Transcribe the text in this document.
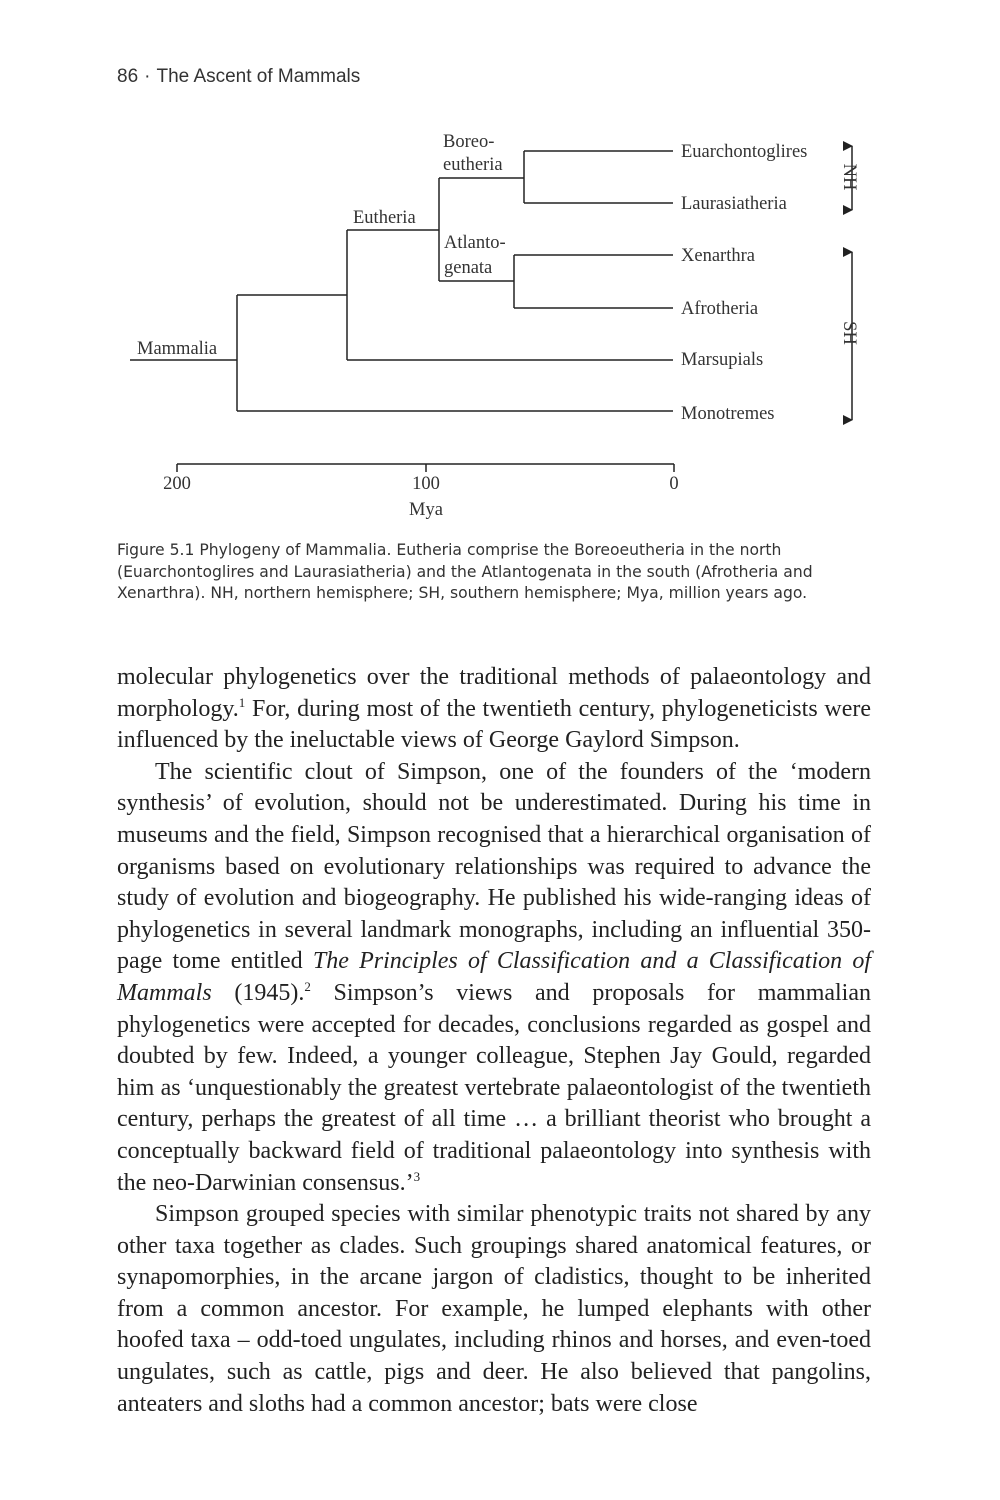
86 · The Ascent of Mammals
Mammalia
Eutheria
Boreo-
eutheria
Atlanto-
genata
Euarchontoglires
Laurasiatheria
Xenarthra
Afrotheria
Marsupials
Monotremes
NH
SH
200	100	0
Mya
Figure 5.1 Phylogeny of Mammalia. Eutheria comprise the Boreoeutheria in the north (Euarchontoglires and Laurasiatheria) and the Atlantogenata in the south (Afrotheria and Xenarthra). NH, northern hemisphere; SH, southern hemisphere; Mya, million years ago.

molecular phylogenetics over the traditional methods of palaeontology and morphology.$^1$ For, during most of the twentieth century, phylogeneticists were influenced by the ineluctable views of George Gaylord Simpson.

The scientific clout of Simpson, one of the founders of the ‘modern synthesis’ of evolution, should not be underestimated. During his time in museums and the field, Simpson recognised that a hierarchical organisation of organisms based on evolutionary relationships was required to advance the study of evolution and biogeography. He published his wide-ranging ideas of phylogenetics in several landmark monographs, including an influential 350-page tome entitled The Principles of Classification and a Classification of Mammals (1945).$^2$ Simpson’s views and proposals for mammalian phylogenetics were accepted for decades, conclusions regarded as gospel and doubted by few. Indeed, a younger colleague, Stephen Jay Gould, regarded him as ‘unquestionably the greatest vertebrate palaeontologist of the twentieth century, perhaps the greatest of all time … a brilliant theorist who brought a conceptually backward field of traditional palaeontology into synthesis with the neo-Darwinian consensus.’$^3$

Simpson grouped species with similar phenotypic traits not shared by any other taxa together as clades. Such groupings shared anatomical features, or synapomorphies, in the arcane jargon of cladistics, thought to be inherited from a common ancestor. For example, he lumped elephants with other hoofed taxa – odd-toed ungulates, including rhinos and horses, and even-toed ungulates, such as cattle, pigs and deer. He also believed that pangolins, anteaters and sloths had a common ancestor; bats were close
